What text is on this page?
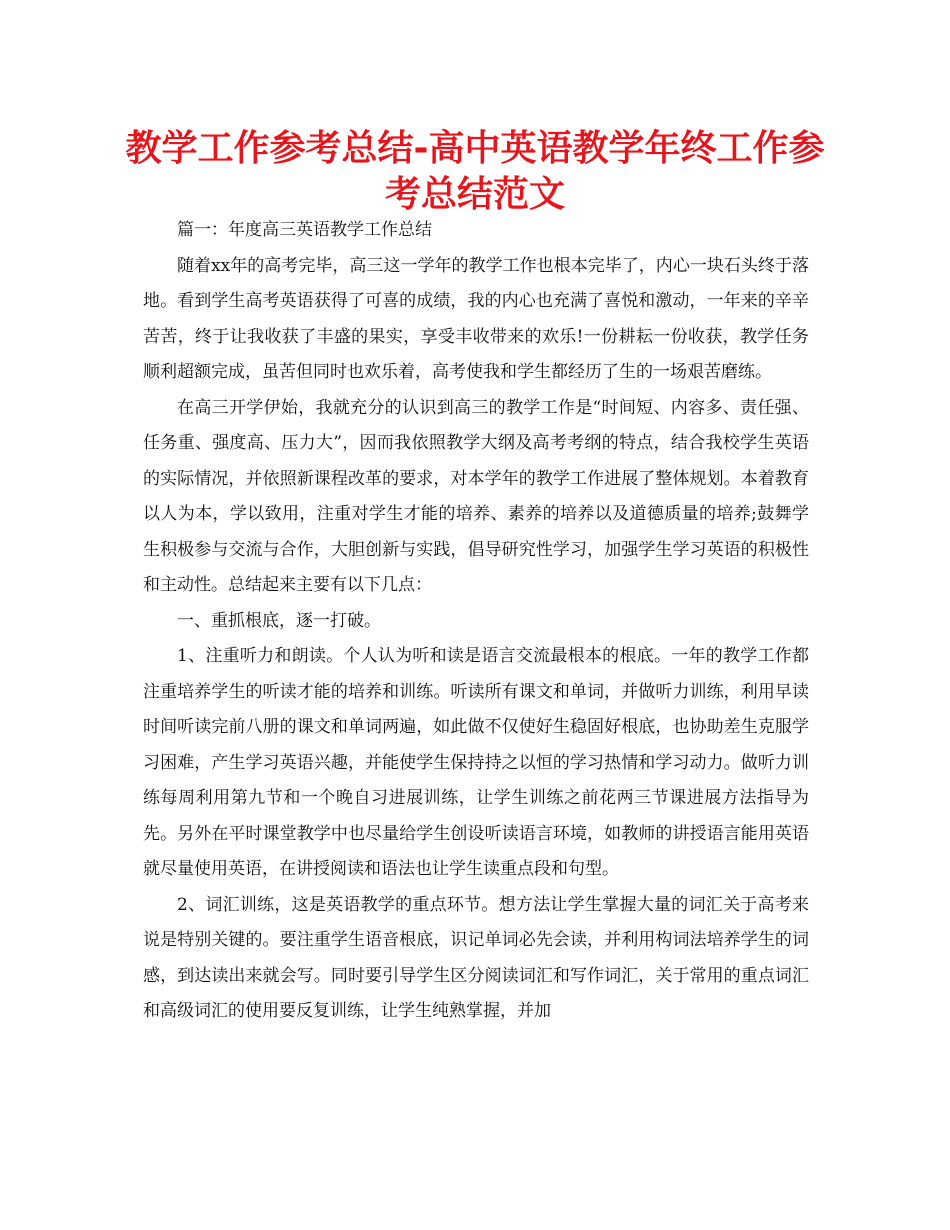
教学工作参考总结-高中英语教学年终工作参考总结范文

篇一：年度高三英语教学工作总结

随着xx年的高考完毕，高三这一学年的教学工作也根本完毕了，内心一块石头终于落地。看到学生高考英语获得了可喜的成绩，我的内心也充满了喜悦和激动，一年来的辛辛苦苦，终于让我收获了丰盛的果实，享受丰收带来的欢乐!一份耕耘一份收获，教学任务顺利超额完成，虽苦但同时也欢乐着，高考使我和学生都经历了生的一场艰苦磨练。

在高三开学伊始，我就充分的认识到高三的教学工作是“时间短、内容多、责任强、任务重、强度高、压力大”，因而我依照教学大纲及高考考纲的特点，结合我校学生英语的实际情况，并依照新课程改革的要求，对本学年的教学工作进展了整体规划。本着教育以人为本，学以致用，注重对学生才能的培养、素养的培养以及道德质量的培养;鼓舞学生积极参与交流与合作，大胆创新与实践，倡导研究性学习，加强学生学习英语的积极性和主动性。总结起来主要有以下几点：

一、重抓根底，逐一打破。

1、注重听力和朗读。个人认为听和读是语言交流最根本的根底。一年的教学工作都注重培养学生的听读才能的培养和训练。听读所有课文和单词，并做听力训练，利用早读时间听读完前八册的课文和单词两遍，如此做不仅使好生稳固好根底，也协助差生克服学习困难，产生学习英语兴趣，并能使学生保持持之以恒的学习热情和学习动力。做听力训练每周利用第九节和一个晚自习进展训练，让学生训练之前花两三节课进展方法指导为先。另外在平时课堂教学中也尽量给学生创设听读语言环境，如教师的讲授语言能用英语就尽量使用英语，在讲授阅读和语法也让学生读重点段和句型。

2、词汇训练，这是英语教学的重点环节。想方法让学生掌握大量的词汇关于高考来说是特别关键的。要注重学生语音根底，识记单词必先会读，并利用构词法培养学生的词感，到达读出来就会写。同时要引导学生区分阅读词汇和写作词汇，关于常用的重点词汇和高级词汇的使用要反复训练，让学生纯熟掌握，并加
